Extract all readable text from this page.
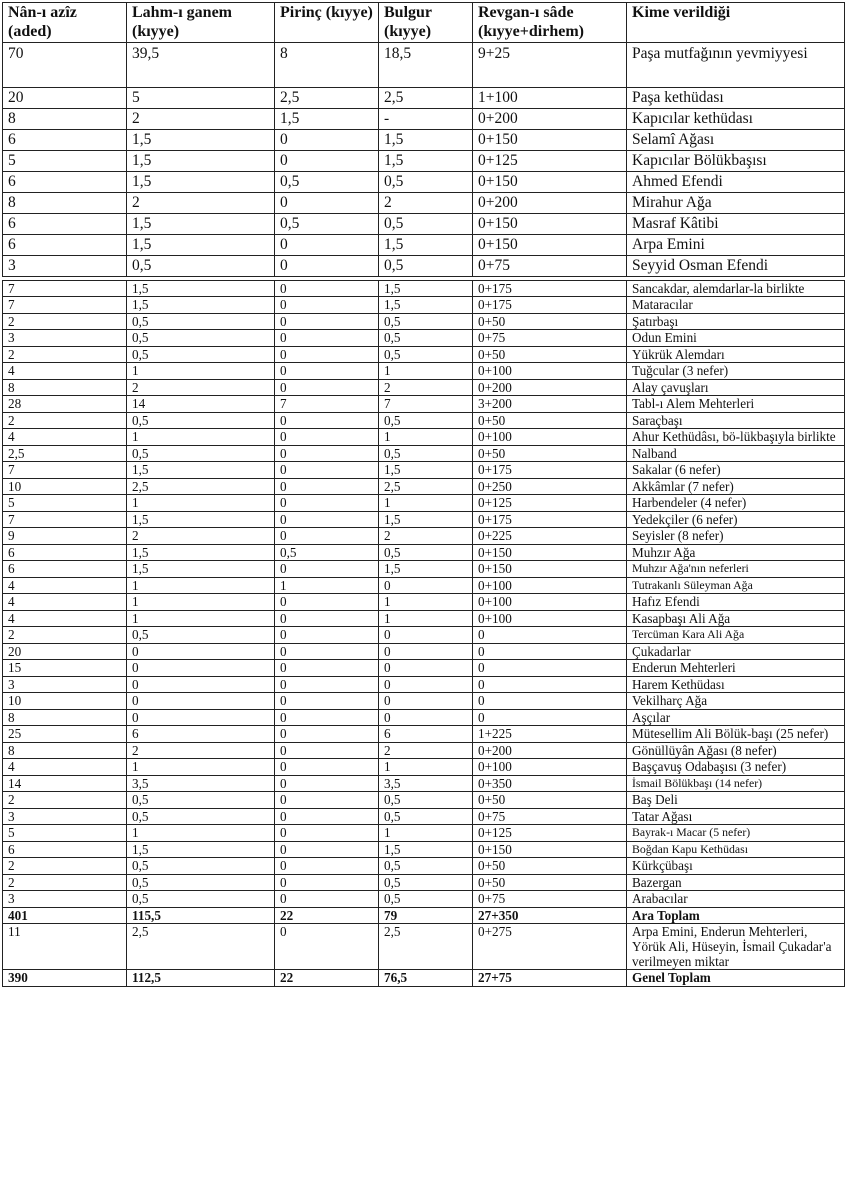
Nân-ı azîz (aded)	Lahm-ı ganem (kıyye)	Pirinç (kıyye)	Bulgur (kıyye)	Revgan-ı sâde (kıyye+dirhem)	Kime verildiği
70	39,5	8	18,5	9+25	Paşa mutfağının yevmiyyesi
20	5	2,5	2,5	1+100	Paşa kethüdası
8	2	1,5	-	0+200	Kapıcılar kethüdası
6	1,5	0	1,5	0+150	Selamî Ağası
5	1,5	0	1,5	0+125	Kapıcılar Bölükbaşısı
6	1,5	0,5	0,5	0+150	Ahmed Efendi
8	2	0	2	0+200	Mirahur Ağa
6	1,5	0,5	0,5	0+150	Masraf Kâtibi
6	1,5	0	1,5	0+150	Arpa Emini
3	0,5	0	0,5	0+75	Seyyid Osman Efendi

7	1,5	0	1,5	0+175	Sancakdar, alemdarlar-la birlikte
7	1,5	0	1,5	0+175	Mataracılar
2	0,5	0	0,5	0+50	Şatırbaşı
3	0,5	0	0,5	0+75	Odun Emini
2	0,5	0	0,5	0+50	Yükrük Alemdarı
4	1	0	1	0+100	Tuğcular (3 nefer)
8	2	0	2	0+200	Alay çavuşları
28	14	7	7	3+200	Tabl-ı Alem Mehterleri
2	0,5	0	0,5	0+50	Saraçbaşı
4	1	0	1	0+100	Ahur Kethüdâsı, bö-lükbaşıyla birlikte
2,5	0,5	0	0,5	0+50	Nalband
7	1,5	0	1,5	0+175	Sakalar (6 nefer)
10	2,5	0	2,5	0+250	Akkâmlar (7 nefer)
5	1	0	1	0+125	Harbendeler (4 nefer)
7	1,5	0	1,5	0+175	Yedekçiler (6 nefer)
9	2	0	2	0+225	Seyisler (8 nefer)
6	1,5	0,5	0,5	0+150	Muhzır Ağa
6	1,5	0	1,5	0+150	Muhzır Ağa'nın neferleri
4	1	1	0	0+100	Tutrakanlı Süleyman Ağa
4	1	0	1	0+100	Hafız Efendi
4	1	0	1	0+100	Kasapbaşı Ali Ağa
2	0,5	0	0	0	Tercüman Kara Ali Ağa
20	0	0	0	0	Çukadarlar
15	0	0	0	0	Enderun Mehterleri
3	0	0	0	0	Harem Kethüdası
10	0	0	0	0	Vekilharç Ağa
8	0	0	0	0	Aşçılar
25	6	0	6	1+225	Mütesellim Ali Bölük-başı (25 nefer)
8	2	0	2	0+200	Gönüllüyân Ağası (8 nefer)
4	1	0	1	0+100	Başçavuş Odabaşısı (3 nefer)
14	3,5	0	3,5	0+350	İsmail Bölükbaşı (14 nefer)
2	0,5	0	0,5	0+50	Baş Deli
3	0,5	0	0,5	0+75	Tatar Ağası
5	1	0	1	0+125	Bayrak-ı Macar (5 nefer)
6	1,5	0	1,5	0+150	Boğdan Kapu Kethüdası
2	0,5	0	0,5	0+50	Kürkçübaşı
2	0,5	0	0,5	0+50	Bazergan
3	0,5	0	0,5	0+75	Arabacılar
401	115,5	22	79	27+350	Ara Toplam
11	2,5	0	2,5	0+275	Arpa Emini, Enderun Mehterleri, Yörük Ali, Hüseyin, İsmail Çukadar'a verilmeyen miktar
390	112,5	22	76,5	27+75	Genel Toplam
